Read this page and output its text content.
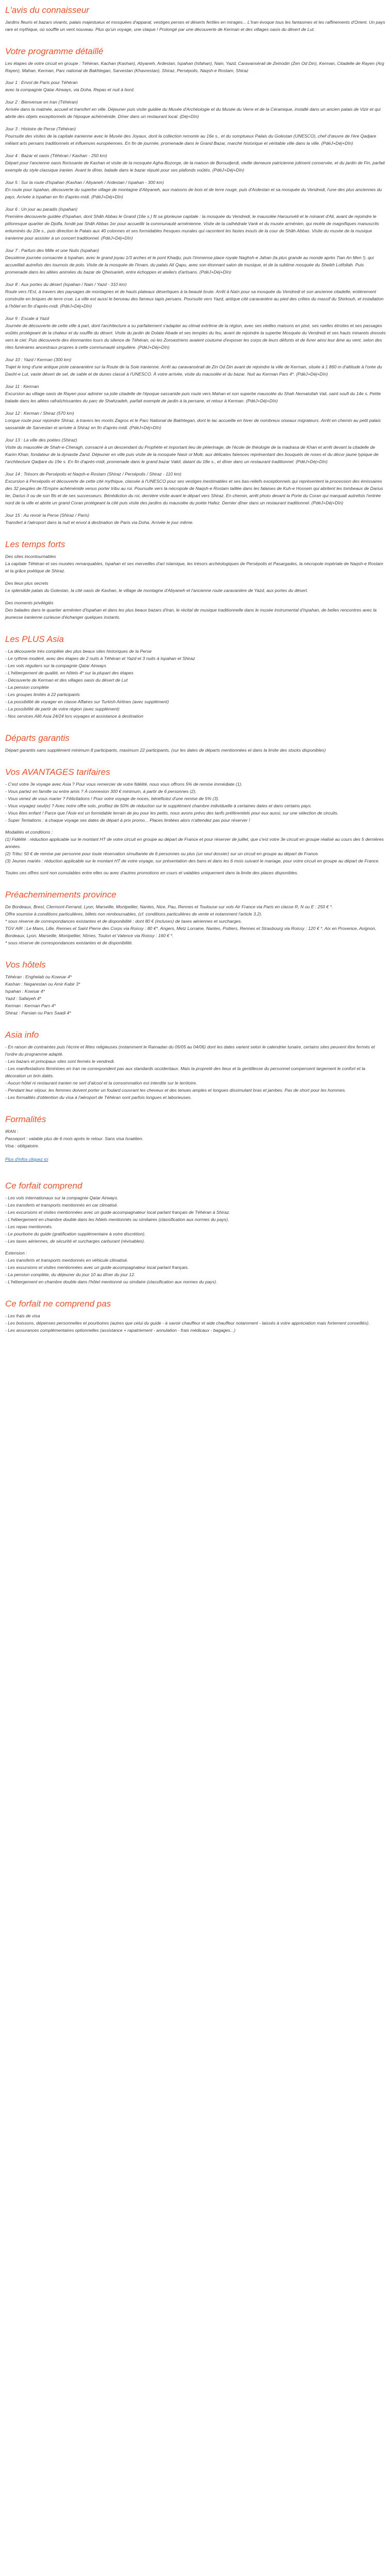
L'avis du connaisseur

Jardins fleuris et bazars vivants, palais majestueux et mosquées d'apparat, vestiges perses et déserts fertiles en mirages... L'Iran évoque tous les fantasmes et les raffinements d'Orient. Un pays rare et mythique, où souffle un vent nouveau. Plus qu'un voyage, une claque ! Prolongé par une découverte de Kerman et des villages oasis du désert de Lut.

Votre programme détaillé

Les étapes de votre circuit en groupe : Téhéran, Kachan (Kashan), Abyaneh, Ardestan, Ispahan (Isfahan), Nain, Yazd, Caravansérail de Zeinodin (Zen Od Din), Kerman, Citadelle de Rayen (Arg Rayen), Mahan, Kerman, Parc national de Bakhtegan, Sarvestan (Khavrestan), Shiraz, Persépolis, Naqsh-e Rostam, Shiraz

Jour 1 : Envol de Paris pour Téhéran

avec la compagnie Qatar Airways, via Doha. Repas et nuit à bord.

Jour 2 : Bienvenue en Iran (Téhéran)

Arrivée dans la matinée, accueil et transfert en ville. Déjeuner puis visite guidée du Musée d'Archéologie et du Musée du Verre et de la Céramique, installé dans un ancien palais de Vizir et qui abrite des objets exceptionnels de l'époque achéménide. Dîner dans un restaurant local. (Déj+Dîn)

Jour 3 : Histoire de Perse (Téhéran)

Poursuite des visites de la capitale iranienne avec le Musée des Joyaux, dont la collection remonte au 16e s., et du somptueux Palais du Golestan (UNESCO), chef d'œuvre de l'ère Qadjare mêlant arts persans traditionnels et influences européennes. En fin de journée, promenade dans le Grand Bazar, marché historique et véritable ville dans la ville. (PdéJ+Déj+Dîn)

Jour 4 : Bazar et oasis (Téhéran / Kashan - 250 km)

Départ pour l'ancienne oasis florissante de Kashan et visite de la mosquée Agha-Bozorge, de la maison de Boroudjerdi, vieille demeure patricienne joliment conservée, et du jardin de Fin, parfait exemple du style classique iranien. Avant le dîner, balade dans le bazar réputé pour ses plafonds voûtés. (PdéJ+Déj+Dîn)

Jour 5 : Sur la route d'Ispahan (Kashan / Abyaneh / Ardestan / Ispahan - 300 km)

En route pour Ispahan, découverte du superbe village de montagne d'Abyaneh, aux maisons de bois et de terre rouge, puis d'Ardestan et sa mosquée du Vendredi, l'une des plus anciennes du pays. Arrivée à Ispahan en fin d'après-midi. (PdéJ+Déj+Dîn)

Jour 6 : Un jour au paradis (Ispahan)

Première découverte guidée d'Ispahan, dont Shâh Abbas le Grand (16e s.) fit sa glorieuse capitale : la mosquée du Vendredi, le mausolée Harounvéli et le minaret d'Ali, avant de rejoindre le pittoresque quartier de Djolfa, fondé par Shâh Abbas 1er pour accueillir la communauté arménienne. Visite de la cathédrale Vank et du musée arménien, qui recèle de magnifiques manuscrits enluminés du 10e s., puis direction le Palais aux 40 colonnes et ses formidables fresques murales qui racontent les fastes inouïs de la cour de Shâh Abbas. Visite du musée de la musique iranienne pour assister à un concert traditionnel. (PdéJ+Déj+Dîn)

Jour 7 : Parfum des Mille et une Nuits (Ispahan)

Deuxième journée consacrée à Ispahan, avec le grand joyau 1/3 arches et le pont Khadju, puis l'immense place royale Naghsh-e Jahan (la plus grande au monde après Tian An Men !), qui accueillait autrefois des tournois de polo. Visite de la mosquée de l'Imam, du palais Ali Qapu, avec son étonnant salon de musique, et de la sublime mosquée du Sheikh Lotfollah. Puis promenade dans les allées animées du bazar de Qheisarieh, entre échoppes et ateliers d'artisans. (PdéJ+Déj+Dîn)

Jour 8 : Aux portes du désert (Ispahan / Nain / Yazd - 310 km)

Route vers l'Est, à travers des paysages de montagnes et de hauts plateaux désertiques à la beauté brute. Arrêt à Naïn pour sa mosquée du Vendredi et son ancienne citadelle, entièrement construite en briques de terre crue. La ville est aussi le berceau des fameux tapis persans. Poursuite vers Yazd, antique cité caravanière au pied des crêtes du massif du Shirkouh, et installation à l'hôtel en fin d'après-midi. (PdéJ+Déj+Dîn)

Jour 9 : Escale à Yazd

Journée de découverte de cette ville à part, dont l'architecture a su parfaitement s'adapter au climat extrême de la région, avec ses vieilles maisons en pisé, ses ruelles étroites et ses passages voûtés protégeant de la chaleur et du souffle du désert. Visite du jardin de Dolate Abade et ses temples du feu, avant de rejoindre la superbe Mosquée du Vendredi et ses hauts minarets dressés vers le ciel. Puis découverte des étonnantes tours du silence de Téhéran, où les Zoroastriens avaient coutume d'exposer les corps de leurs défunts et de livrer ainsi leur âme au vent, selon des rites funéraires ancestraux propres à cette communauté singulière. (PdéJ+Déj+Dîn)

Jour 10 : Yazd / Kerman (300 km)

Trajet le long d'une antique piste caravanière sur la Route de la Soie iranienne. Arrêt au caravansérail de Zin Od Din avant de rejoindre la ville de Kerman, située à 1 860 m d'altitude à l'orée du Dasht-e Lut, vaste désert de sel, de sable et de dunes classé à l'UNESCO. À votre arrivée, visite du mausolée et du bazar. Nuit au Kerman Pars 4*. (PdéJ+Déj+Dîn)

Jour 11 : Kerman

Excursion au village oasis de Rayen pour admirer sa jolie citadelle de l'époque sassanide puis route vers Mahan et son superbe mausolée du Shah Nematollah Vali, saint soufi du 14e s. Petite balade dans les allées rafraîchissantes du parc de Shahzadeh, parfait exemple de jardin à la persane, et retour à Kerman. (PdéJ+Déj+Dîn)

Jour 12 : Kerman / Shiraz (570 km)

Longue route pour rejoindre Shiraz, à travers les monts Zagros et le Parc National de Bakhtegan, dont le lac accueille en hiver de nombreux oiseaux migrateurs. Arrêt en chemin au petit palais sassanide de Sarvestan et arrivée à Shiraz en fin d'après-midi. (PdéJ+Déj+Dîn)

Jour 13 : La ville des poètes (Shiraz)

Visite du mausolée de Shah-e-Cheragh, consacré à un descendant du Prophète et important lieu de pèlerinage, de l'école de théologie de la madrasa de Khan et arrêt devant la citadelle de Karim Khan, fondateur de la dynastie Zand. Déjeuner en ville puis visite de la mosquée Nasir ol Molk, aux délicates faïences représentant des bouquets de roses et du décor jaune typique de l'architecture Qadjare du 19e s. En fin d'après-midi, promenade dans le grand bazar Vakil, datant du 18e s., et dîner dans un restaurant traditionnel. (PdéJ+Déj+Dîn)

Jour 14 : Trésors de Persépolis et Naqsh-e Rostam (Shiraz / Persépolis / Shiraz - 110 km)

Excursion à Persépolis et découverte de cette cité mythique, classée à l'UNESCO pour ses vestiges inestimables et ses bas-reliefs exceptionnels qui représentent la procession des émissaires des 32 peuples de l'Empire achéménide venus porter tribu au roi. Poursuite vers la nécropole de Naqsh-e Rostam taillée dans les falaises de Kuh-e Hossein qui abritent les tombeaux de Darius Ier, Darius II ou de son fils et de ses successeurs. Bénédiction du roi, dernière visite avant le départ vers Shiraz. En chemin, arrêt photo devant la Porte du Coran qui marquait autrefois l'entrée nord de la ville et abrite un grand Coran protégeant la cité puis visite des jardins du mausolée du poète Hafez. Dernier dîner dans un restaurant traditionnel. (PdéJ+Déj+Dîn)

Jour 15 : Au revoir la Perse (Shiraz / Paris)

Transfert à l'aéroport dans la nuit et envol à destination de Paris via Doha. Arrivée le jour même.

Les temps forts

Des sites incontournables

La capitale Téhéran et ses musées remarquables, Ispahan et ses merveilles d'art islamique, les trésors archéologiques de Persépolis et Pasargades, la nécropole impériale de Naqsh-e Rostam et la grâce poétique de Shiraz.

Des lieux plus secrets

Le splendide palais du Golestan, la cité oasis de Kashan, le village de montagne d'Abyaneh et l'ancienne route caravanière de Yazd, aux portes du désert.

Des moments privilégiés

Des balades dans le quartier arménien d'Ispahan et dans les plus beaux bazars d'Iran, le récital de musique traditionnelle dans le musée instrumental d'Ispahan, de belles rencontres avec la jeunesse iranienne curieuse d'échanger quelques instants.

Les PLUS Asia

- La découverte très complète des plus beaux sites historiques de la Perse

- Le rythme modéré, avec des étapes de 2 nuits à Téhéran et Yazd et 3 nuits à Ispahan et Shiraz

- Les vols réguliers sur la compagnie Qatar Airways

- L'hébergement de qualité, en hôtels 4* sur la plupart des étapes

- Découverte de Kerman et des villages oasis du désert de Lut

- La pension complète

- Les groupes limités à 22 participants

- La possibilité de voyager en classe Affaires sur Turkish Airlines (avec supplément)

- La possibilité de partir de votre région (avec supplément)

- Nos services Allô Asia 24/24 lors voyages et assistance à destination

Départs garantis

Départ garantis sans supplément minimum 8 participants, maximum 22 participants, (sur les dates de départs mentionnées et dans la limite des stocks disponibles)

Vos AVANTAGES tarifaires

- C'est votre 3e voyage avec Asia ? Pour vous remercier de votre fidélité, nous vous offrons 5% de remise immédiate (1).

- Vous partez en famille ou entre amis ? À connexion 300 € minimum, à partir de 6 personnes (2).

- Vous venez de vous marier ? Félicitations ! Pour votre voyage de noces, bénéficiez d'une remise de 5% (3).

- Vous voyagez seul(e) ? Avec notre offre solo, profitez de 50% de réduction sur le supplément chambre individuelle à certaines dates et dans certains pays.

- Vous êtes enfant ! Parce que l'Asie est un formidable terrain de jeu pour les petits, nous avons prévu des tarifs préférentiels pour eux aussi, sur une sélection de circuits.

- Super Tentations : à chaque voyage ses dates de départ à prix promo... Places limitées alors n'attendez pas pour réserver !

Modalités et conditions :

(1) Fidélité : réduction applicable sur le montant HT de votre circuit en groupe au départ de France et pour réserver de juillet, que c'est votre 3e circuit en groupe réalisé au cours des 5 dernières années.

(2) Tribu: 50 € de remise par personne pour toute réservation simultanée de 6 personnes ou plus (un seul dossier) sur un circuit en groupe au départ de France.

(3) Jeunes mariés : réduction applicable sur le montant HT de votre voyage, sur présentation des bans et dans les 6 mois suivant le mariage, pour votre circuit en groupe au départ de France.

Toutes ces offres sont non cumulables entre elles ou avec d'autres promotions en cours et valables uniquement dans la limite des places disponibles.

Préacheminements province

De Bordeaux, Brest, Clermont-Ferrand, Lyon, Marseille, Montpellier, Nantes, Nice, Pau, Rennes et Toulouse sur vols Air France via Paris en classe R, N ou E : 250 € *.
Offre soumise à conditions particulières, billets non remboursables, (cf. conditions particulières de vente et notamment l'article 3.2).
* sous réserve de correspondances existantes et de disponibilité : dont 80 € (incluses) de taxes aériennes et surcharges.
TGV AIR : Le Mans, Lille, Rennes et Saint Pierre des Corps via Roissy : 80 €*. Angers, Metz Lorraine, Nantes, Poitiers, Rennes et Strasbourg via Roissy : 120 € *. Aix en Provence, Avignon, Bordeaux, Lyon, Marseille, Montpellier, Nîmes, Toulon et Valence via Roissy : 160 € *.
* sous réserve de correspondances existantes et de disponibilité.

Vos hôtels

Téhéran : Enghelab ou Kowsar 4*

Kashan : Negarestan ou Amir Kabir 3*

Ispahan : Kowsar 4*

Yazd : Safaiyeh 4*

Kerman : Kerman Pars 4*

Shiraz : Parsian ou Pars Saadi 4*

Asia info

- En raison de contraintes puis l'écrire et fêtes religieuses (notamment le Ramadan du 05/05 au 04/06) dont les dates varient selon le calendrier lunaire, certains sites peuvent être fermés et l'ordre du programme adapté.

- Les bazars et principaux sites sont fermés le vendredi.

- Les manifestations féminines en Iran ne correspondent pas aux standards occidentaux. Mais la propreté des lieux et la gentillesse du personnel compensent largement le confort et la décoration un brin datés.

- Aucun hôtel ni restaurant iranien ne sert d'alcool et la consommation est interdite sur le territoire.

- Pendant leur séjour, les femmes doivent porter un foulard couvrant les cheveux et des tenues amples et longues dissimulant bras et jambes. Pas de short pour les hommes.

- Les formalités d'obtention du visa à l'aéroport de Téhéran sont parfois longues et laborieuses.

Formalités

IRAN :

Passeport : valable plus de 6 mois après le retour. Sans visa Israélien.

Visa : obligatoire.

Plus d'infos cliquez ici
Ce forfait comprend

- Les vols internationaux sur la compagnie Qatar Airways.

- Les transferts et transports mentionnés en car climatisé.

- Les excursions et visites mentionnées avec un guide accompagnateur local parlant français de Téhéran à Shiraz.

- L'hébergement en chambre double dans les hôtels mentionnés ou similaires (classification aux normes du pays).

- Les repas mentionnés.

- Le pourboire du guide (gratification supplémentaire à votre discrétion).

- Les taxes aériennes, de sécurité et surcharges carburant (révisables).

Extension :

- Les transferts et transports mentionnés en véhicule climatisé.

- Les excursions et visites mentionnées avec un guide accompagnateur local parlant français.

- La pension complète, du déjeuner du jour 10 au dîner du jour 12.

- L'hébergement en chambre double dans l'hôtel mentionné ou similaire (classification aux normes du pays).

Ce forfait ne comprend pas

- Les frais de visa

- Les boissons, dépenses personnelles et pourboires (autres que celui du guide - à savoir chauffeur et aide chauffeur notamment - laissés à votre appréciation mais fortement conseillés).

- Les assurances complémentaires optionnelles (assistance + rapatriement - annulation - frais médicaux - bagages...)
